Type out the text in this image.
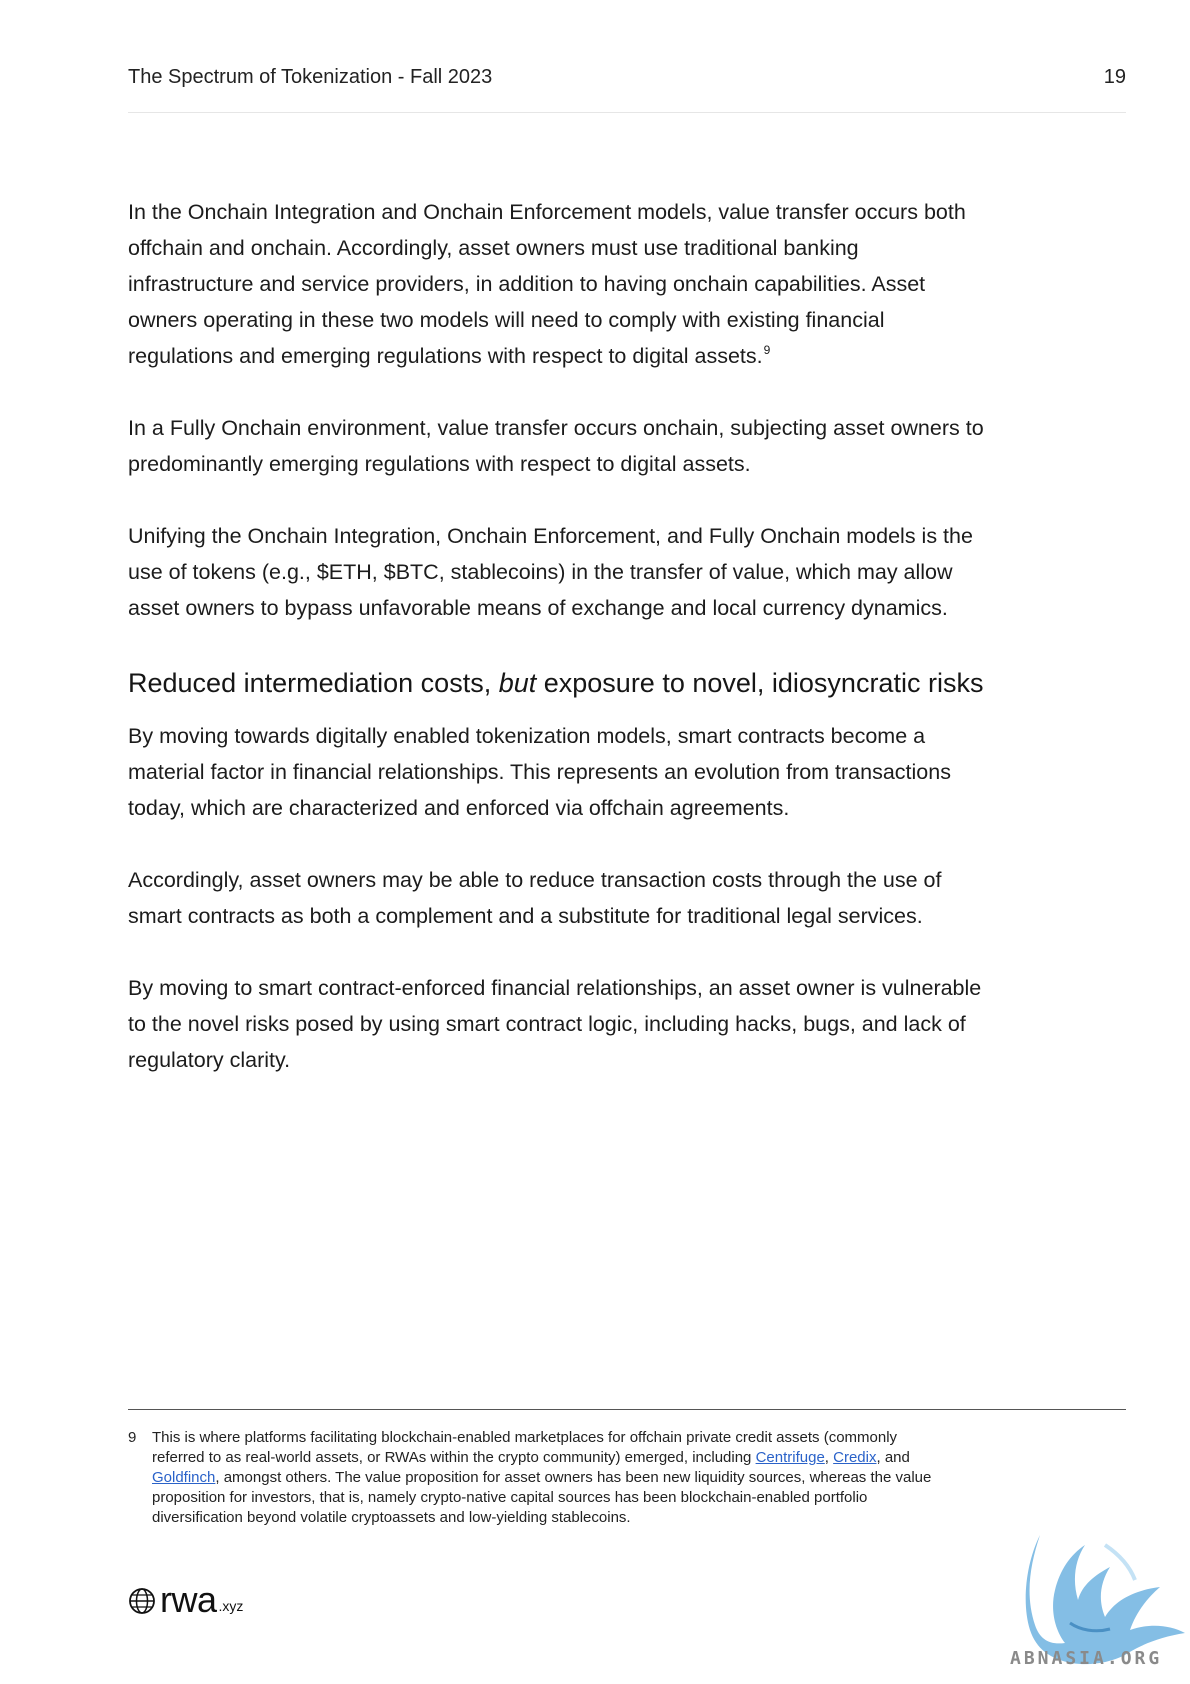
The Spectrum of Tokenization - Fall 2023	19

In the Onchain Integration and Onchain Enforcement models, value transfer occurs both offchain and onchain. Accordingly, asset owners must use traditional banking infrastructure and service providers, in addition to having onchain capabilities. Asset owners operating in these two models will need to comply with existing financial regulations and emerging regulations with respect to digital assets.$^9$

In a Fully Onchain environment, value transfer occurs onchain, subjecting asset owners to predominantly emerging regulations with respect to digital assets.

Unifying the Onchain Integration, Onchain Enforcement, and Fully Onchain models is the use of tokens (e.g., $ETH, $BTC, stablecoins) in the transfer of value, which may allow asset owners to bypass unfavorable means of exchange and local currency dynamics.

Reduced intermediation costs, but exposure to novel, idiosyncratic risks

By moving towards digitally enabled tokenization models, smart contracts become a material factor in financial relationships. This represents an evolution from transactions today, which are characterized and enforced via offchain agreements.

Accordingly, asset owners may be able to reduce transaction costs through the use of smart contracts as both a complement and a substitute for traditional legal services.

By moving to smart contract-enforced financial relationships, an asset owner is vulnerable to the novel risks posed by using smart contract logic, including hacks, bugs, and lack of regulatory clarity.

9 This is where platforms facilitating blockchain-enabled marketplaces for offchain private credit assets (commonly referred to as real-world assets, or RWAs within the crypto community) emerged, including Centrifuge, Credix, and Goldfinch, amongst others. The value proposition for asset owners has been new liquidity sources, whereas the value proposition for investors, that is, namely crypto-native capital sources has been blockchain-enabled portfolio diversification beyond volatile cryptoassets and low-yielding stablecoins.
rwa .xyz
ABNASIA.ORG
